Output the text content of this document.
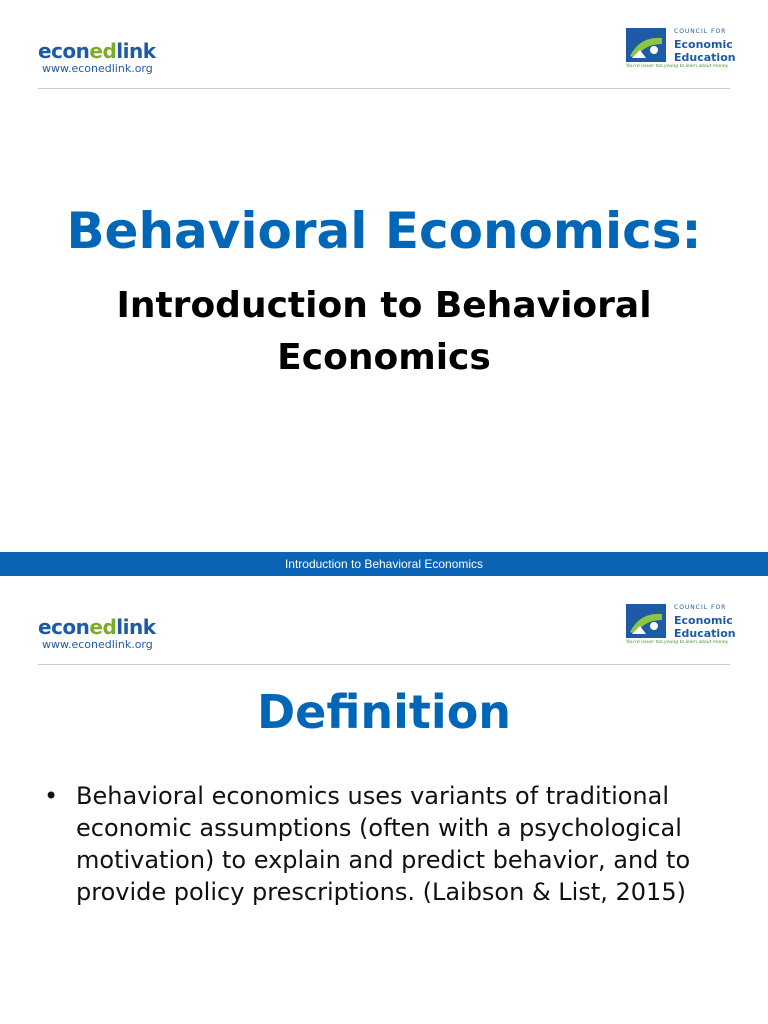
econedlink
www.econedlink.org
COUNCIL FOR
Economic
Education
You're never too young to learn about money
Behavioral Economics:
Introduction to Behavioral Economics
Introduction to Behavioral Economics
econedlink
www.econedlink.org
COUNCIL FOR
Economic
Education
You're never too young to learn about money
Definition
• Behavioral economics uses variants of traditional economic assumptions (often with a psychological motivation) to explain and predict behavior, and to provide policy prescriptions. (Laibson & List, 2015)
